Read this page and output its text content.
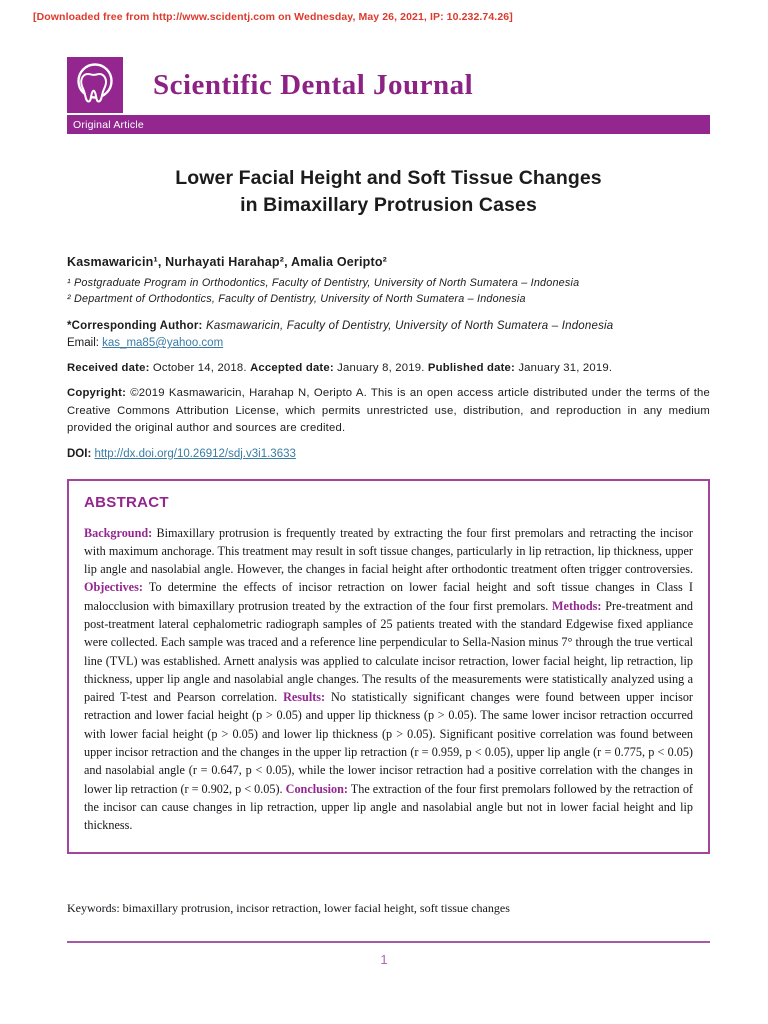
[Downloaded free from http://www.scidentj.com on Wednesday, May 26, 2021, IP: 10.232.74.26]
Scientific Dental Journal
Original Article
Lower Facial Height and Soft Tissue Changes
in Bimaxillary Protrusion Cases
Kasmawaricin¹, Nurhayati Harahap², Amalia Oeripto²
¹ Postgraduate Program in Orthodontics, Faculty of Dentistry, University of North Sumatera – Indonesia
² Department of Orthodontics, Faculty of Dentistry, University of North Sumatera – Indonesia
*Corresponding Author: Kasmawaricin, Faculty of Dentistry, University of North Sumatera – Indonesia
Email: kas_ma85@yahoo.com
Received date: October 14, 2018. Accepted date: January 8, 2019. Published date: January 31, 2019.
Copyright: ©2019 Kasmawaricin, Harahap N, Oeripto A. This is an open access article distributed under the terms of the Creative Commons Attribution License, which permits unrestricted use, distribution, and reproduction in any medium provided the original author and sources are credited.
DOI: http://dx.doi.org/10.26912/sdj.v3i1.3633
ABSTRACT
Background: Bimaxillary protrusion is frequently treated by extracting the four first premolars and retracting the incisor with maximum anchorage. This treatment may result in soft tissue changes, particularly in lip retraction, lip thickness, upper lip angle and nasolabial angle. However, the changes in facial height after orthodontic treatment often trigger controversies. Objectives: To determine the effects of incisor retraction on lower facial height and soft tissue changes in Class I malocclusion with bimaxillary protrusion treated by the extraction of the four first premolars. Methods: Pre-treatment and post-treatment lateral cephalometric radiograph samples of 25 patients treated with the standard Edgewise fixed appliance were collected. Each sample was traced and a reference line perpendicular to Sella-Nasion minus 7° through the true vertical line (TVL) was established. Arnett analysis was applied to calculate incisor retraction, lower facial height, lip retraction, lip thickness, upper lip angle and nasolabial angle changes. The results of the measurements were statistically analyzed using a paired T-test and Pearson correlation. Results: No statistically significant changes were found between upper incisor retraction and lower facial height (p > 0.05) and upper lip thickness (p > 0.05). The same lower incisor retraction occurred with lower facial height (p > 0.05) and lower lip thickness (p > 0.05). Significant positive correlation was found between upper incisor retraction and the changes in the upper lip retraction (r = 0.959, p < 0.05), upper lip angle (r = 0.775, p < 0.05) and nasolabial angle (r = 0.647, p < 0.05), while the lower incisor retraction had a positive correlation with the changes in lower lip retraction (r = 0.902, p < 0.05). Conclusion: The extraction of the four first premolars followed by the retraction of the incisor can cause changes in lip retraction, upper lip angle and nasolabial angle but not in lower facial height and lip thickness.
Keywords: bimaxillary protrusion, incisor retraction, lower facial height, soft tissue changes
1
